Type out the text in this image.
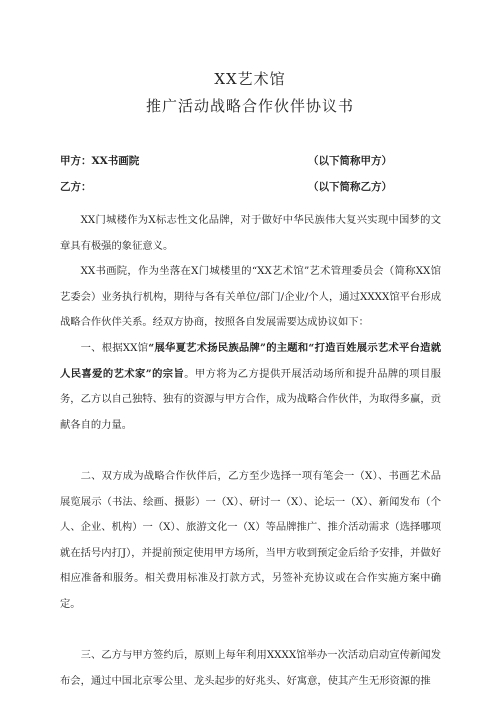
XX艺术馆
推广活动战略合作伙伴协议书
甲方：XX书画院	（以下简称甲方）
乙方：	（以下简称乙方）

XX门城楼作为X标志性文化品牌，对于做好中华民族伟大复兴实现中国梦的文章具有极强的象征意义。

XX书画院，作为坐落在X门城楼里的“XX艺术馆”艺术管理委员会（简称XX馆艺委会）业务执行机构，期待与各有关单位/部门/企业/个人，通过XXXX馆平台形成战略合作伙伴关系。经双方协商，按照各自发展需要达成协议如下：

一、根据XX馆“展华夏艺术扬民族品牌”的主题和“打造百姓展示艺术平台造就人民喜爱的艺术家”的宗旨。甲方将为乙方提供开展活动场所和提升品牌的项目服务，乙方以自己独特、独有的资源与甲方合作，成为战略合作伙伴，为取得多赢，贡献各自的力量。

二、双方成为战略合作伙伴后，乙方至少选择一项有笔会一（X）、书画艺术品展览展示（书法、绘画、摄影）一（X）、研讨一（X）、论坛一（X）、新闻发布（个人、企业、机构）一（X）、旅游文化一（X）等品牌推广、推介活动需求（选择哪项就在括号内打J），并提前预定使用甲方场所，当甲方收到预定金后给予安排，并做好相应准备和服务。相关费用标准及打款方式，另签补充协议或在合作实施方案中确定。

三、乙方与甲方签约后，原则上每年利用XXXX馆举办一次活动启动宣传新闻发布会，通过中国北京零公里、龙头起步的好兆头、好寓意，使其产生无形资源的推
